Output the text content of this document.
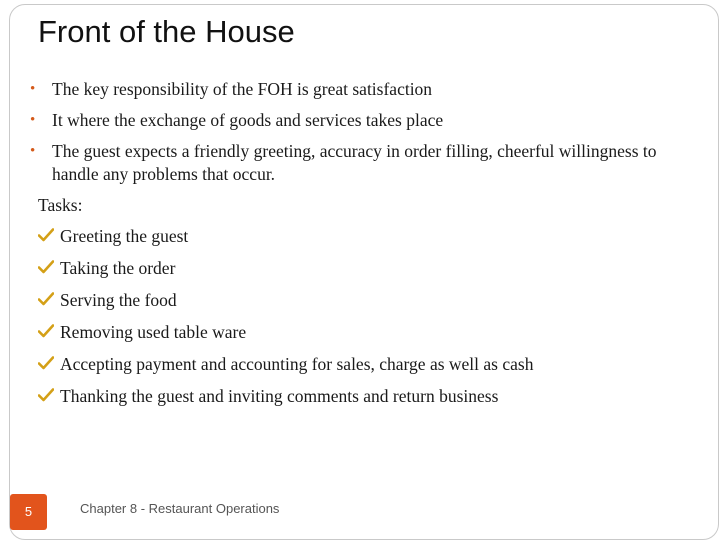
Front of the House
• The key responsibility of the FOH is great satisfaction
• It where the exchange of goods and services takes place
• The guest expects a friendly greeting, accuracy in order filling, cheerful willingness to handle any problems that occur.
Tasks:
Greeting the guest
Taking the order
Serving the food
Removing used table ware
Accepting payment and accounting for sales, charge as well as cash
Thanking the guest and inviting comments and return business
5	Chapter 8 - Restaurant Operations
